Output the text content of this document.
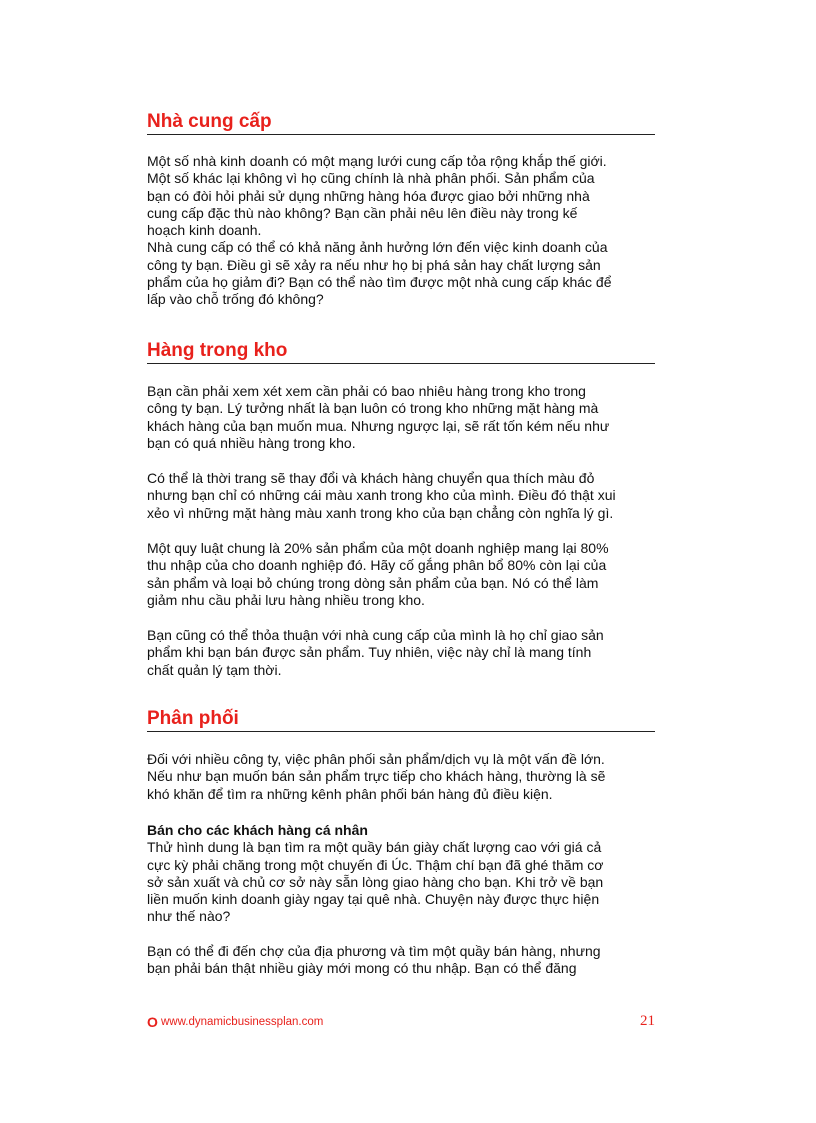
Nhà cung cấp
Một số nhà kinh doanh có một mạng lưới cung cấp tỏa rộng khắp thế giới.
Một số khác lại không vì họ cũng chính là nhà phân phối. Sản phẩm của
bạn có đòi hỏi phải sử dụng những hàng hóa được giao bởi những nhà
cung cấp đặc thù nào không? Bạn cần phải nêu lên điều này trong kế
hoạch kinh doanh.
Nhà cung cấp có thể có khả năng ảnh hưởng lớn đến việc kinh doanh của
công ty bạn. Điều gì sẽ xảy ra nếu như họ bị phá sản hay chất lượng sản
phẩm của họ giảm đi? Bạn có thể nào tìm được một nhà cung cấp khác để
lấp vào chỗ trống đó không?
Hàng trong kho
Bạn cần phải xem xét xem cần phải có bao nhiêu hàng trong kho trong
công ty bạn. Lý tưởng nhất là bạn luôn có trong kho những mặt hàng mà
khách hàng của bạn muốn mua. Nhưng ngược lại, sẽ rất tốn kém nếu như
bạn có quá nhiều hàng trong kho.
Có thể là thời trang sẽ thay đổi và khách hàng chuyển qua thích màu đỏ
nhưng bạn chỉ có những cái màu xanh trong kho của mình. Điều đó thật xui
xẻo vì những mặt hàng màu xanh trong kho của bạn chẳng còn nghĩa lý gì.
Một quy luật chung là 20% sản phẩm của một doanh nghiệp mang lại 80%
thu nhập của cho doanh nghiệp đó. Hãy cố gắng phân bổ 80% còn lại của
sản phẩm và loại bỏ chúng trong dòng sản phẩm của bạn. Nó có thể làm
giảm nhu cầu phải lưu hàng nhiều trong kho.
Bạn cũng có thể thỏa thuận với nhà cung cấp của mình là họ chỉ giao sản
phẩm khi bạn bán được sản phẩm. Tuy nhiên, việc này chỉ là mang tính
chất quản lý tạm thời.
Phân phối
Đối với nhiều công ty, việc phân phối sản phẩm/dịch vụ là một vấn đề lớn.
Nếu như bạn muốn bán sản phẩm trực tiếp cho khách hàng, thường là sẽ
khó khăn để tìm ra những kênh phân phối bán hàng đủ điều kiện.
Bán cho các khách hàng cá nhân
Thử hình dung là bạn tìm ra một quầy bán giày chất lượng cao với giá cả
cực kỳ phải chăng trong một chuyến đi Úc. Thậm chí bạn đã ghé thăm cơ
sở sản xuất và chủ cơ sở này sẵn lòng giao hàng cho bạn. Khi trở về bạn
liền muốn kinh doanh giày ngay tại quê nhà. Chuyện này được thực hiện
như thế nào?
Bạn có thể đi đến chợ của địa phương và tìm một quầy bán hàng, nhưng
bạn phải bán thật nhiều giày mới mong có thu nhập. Bạn có thể đăng
O www.dynamicbusinessplan.com	21
